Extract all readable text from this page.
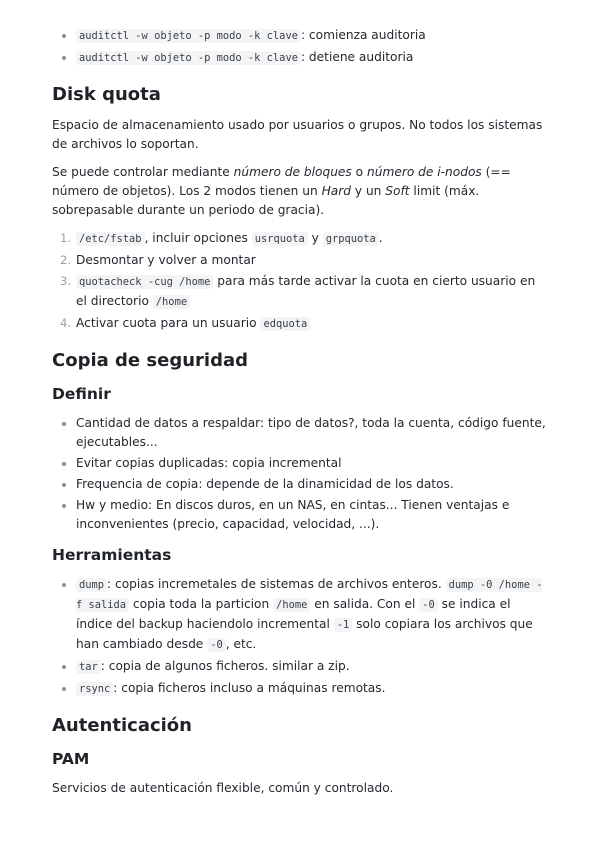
auditctl -w objeto -p modo -k clave : comienza auditoria
auditctl -w objeto -p modo -k clave : detiene auditoria
Disk quota

Espacio de almacenamiento usado por usuarios o grupos. No todos los sistemas de archivos lo soportan.

Se puede controlar mediante número de bloques o número de i-nodos (== número de objetos). Los 2 modos tienen un Hard y un Soft limit (máx. sobrepasable durante un periodo de gracia).

1. /etc/fstab , incluir opciones usrquota y grpquota .
2. Desmontar y volver a montar
3. quotacheck -cug /home para más tarde activar la cuota en cierto usuario en el directorio /home
4. Activar cuota para un usuario edquota
Copia de seguridad
Definir
Cantidad de datos a respaldar: tipo de datos?, toda la cuenta, código fuente, ejecutables...
Evitar copias duplicadas: copia incremental
Frequencia de copia: depende de la dinamicidad de los datos.
Hw y medio: En discos duros, en un NAS, en cintas... Tienen ventajas e inconvenientes (precio, capacidad, velocidad, ...).
Herramientas
dump : copias incremetales de sistemas de archivos enteros. dump -0 /home -f salida copia toda la particion /home en salida. Con el -0 se indica el índice del backup haciendolo incremental -1 solo copiara los archivos que han cambiado desde -0 , etc.
tar : copia de algunos ficheros. similar a zip.
rsync : copia ficheros incluso a máquinas remotas.
Autenticación
PAM

Servicios de autenticación flexible, común y controlado.
